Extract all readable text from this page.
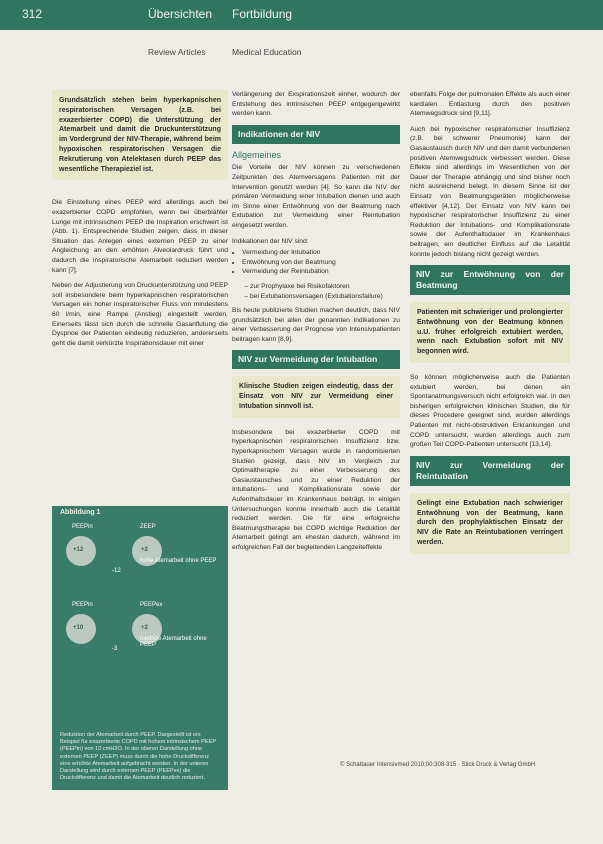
312	Übersichten Fortbildung
Review Articles	Medical Education
Grundsätzlich stehen beim hyperkapnischen respiratorischen Versagen (z.B. bei exazerbierter COPD) die Unterstützung der Atemarbeit und damit die Druckunterstützung im Vordergrund der NIV-Therapie, während beim hypoxischen respiratorischen Versagen die Rekrutierung von Atelektasen durch PEEP das wesentliche Therapieziel ist.

Die Einstellung eines PEEP wird allerdings auch bei exazerbierter COPD empfohlen, wenn bei überblähter Lunge mit intrinsischem PEEP die Inspiration erschwert ist (Abb. 1). Entsprechende Studien zeigen, dass in dieser Situation das Anlegen eines externen PEEP zu einer Angleichung an den erhöhten Alveolardruck führt und dadurch die inspiratorische Atemarbeit reduziert werden kann [7].

Neben der Adjustierung von Druckunterstützung und PEEP soll insbesondere beim hyperkapnischen respiratorischen Versagen ein hoher inspiratorischer Fluss von mindestens 60 l/min, eine Rampe (Anstieg) eingestellt werden. Einerseits lässt sich durch die schnelle Gasanflutung die Dyspnoe der Patienten eindeutig reduzieren, andererseits geht die damit verkürzte Inspirationsdauer mit einer

Abbildung 1
PEEPin	ZEEP
+12	+2
-12
hohe Atemarbeit ohne PEEP
PEEPin	PEEPex
+10	+2
-3
niedrige Atemarbeit ohne PEEP
Reduktion der Atemarbeit durch PEEP. Dargestellt ist ein Beispiel für exazerbierte COPD mit hohem intrinsischem PEEP (PEEPin) von 10 cmH2O. In der oberen Darstellung ohne externen PEEP (ZEEP) muss durch die hohe Druckdifferenz eine erhöhte Atemarbeit aufgebracht werden. In der unteren Darstellung wird durch externen PEEP (PEEPex) die Druckdifferenz und damit die Atemarbeit deutlich reduziert.

Verlängerung der Exspirationszeit einher, wodurch der Entstehung des intrinsischen PEEP entgegengewirkt werden kann.

Indikationen der NIV
Allgemeines

Die Vorteile der NIV können zu verschiedenen Zeitpunkten des Atemversagens Patienten mit der Intervention genutzt werden [4]. So kann die NIV der primären Vermeidung einer Intubation dienen und auch im Sinne einer Entwöhnung von der Beatmung nach Extubation zur Vermeidung einer Reintubation eingesetzt werden.

Indikationen der NIV sind:

• Vermeidung der Intubation
• Entwöhnung von der Beatmung
• Vermeidung der Reintubation
– zur Prophylaxe bei Risikofaktoren
– bei Extubationsversagen (Extubationsfailure)

Bis heute publizierte Studien machen deutlich, dass NIV grundsätzlich bei allen der genannten Indikationen zu einer Verbesserung der Prognose von Intensivpatienten beitragen kann [8,9].

NIV zur Vermeidung der Intubation
Klinische Studien zeigen eindeutig, dass der Einsatz von NIV zur Vermeidung einer Intubation sinnvoll ist.

Insbesondere bei exazerbierter COPD mit hyperkapnischen respiratorischen Insuffizienz bzw. hyperkapnischem Versagen wurde in randomisierten Studien gezeigt, dass NIV im Vergleich zur Optimaltherapie zu einer Verbesserung des Gasaustausches und zu einer Reduktion der Intubations- und Komplikationsrate sowie der Aufenthaltsdauer im Krankenhaus beiträgt. In einigen Untersuchungen konnte innerhalb auch die Letalität reduziert werden. Die für eine erfolgreiche Beatmungstherapie bei COPD wichtige Reduktion der Atemarbeit gelingt am ehesten dadurch, während im erfolgreichen Fall der begleitenden Langzeiteffekte

ebenfalls Folge der pulmonalen Effekte als auch einer kardialen Entlastung durch den positiven Atemwegsdruck sind [9,11].

Auch bei hypoxischer respiratorischer Insuffizienz (z.B. bei schwerer Pneumonie) kann der Gasaustausch durch NIV und den damit verbundenen positiven Atemwegsdruck verbessert werden. Diese Effekte sind allerdings im Wesentlichen von der Dauer der Therapie abhängig und sind bisher noch nicht ausreichend belegt. In diesem Sinne ist der Einsatz von Beatmungsgeräten möglicherweise effektiver [4,12]. Der Einsatz von NIV kann bei hypoxischer respiratorischer Insuffizienz zu einer Reduktion der Intubations- und Komplikationsrate sowie der Aufenthaltsdauer im Krankenhaus beitragen, ein deutlicher Einfluss auf die Letalität konnte jedoch bislang nicht gezeigt werden.

NIV zur Entwöhnung von der Beatmung
Patienten mit schwieriger und prolongierter Entwöhnung von der Beatmung können u.U. früher erfolgreich extubiert werden, wenn nach Extubation sofort mit NIV begonnen wird.

So können möglicherweise auch die Patienten extubiert werden, bei denen ein Spontanatmungsversuch nicht erfolgreich war. In den bisherigen erfolgreichen klinischen Studien, die für dieses Procedere geeignet sind, wurden allerdings Patienten mit nicht-obstruktiven Erkrankungen und COPD untersucht, wurden allerdings auch zum großen Teil COPD-Patienten untersucht [13,14].

NIV zur Vermeidung der Reintubation
Gelingt eine Extubation nach schwieriger Entwöhnung von der Beatmung, kann durch den prophylaktischen Einsatz der NIV die Rate an Reintubationen verringert werden.
© Schattauer Intensivmed 2010;00:308-315 · Stick Druck & Verlag GmbH
